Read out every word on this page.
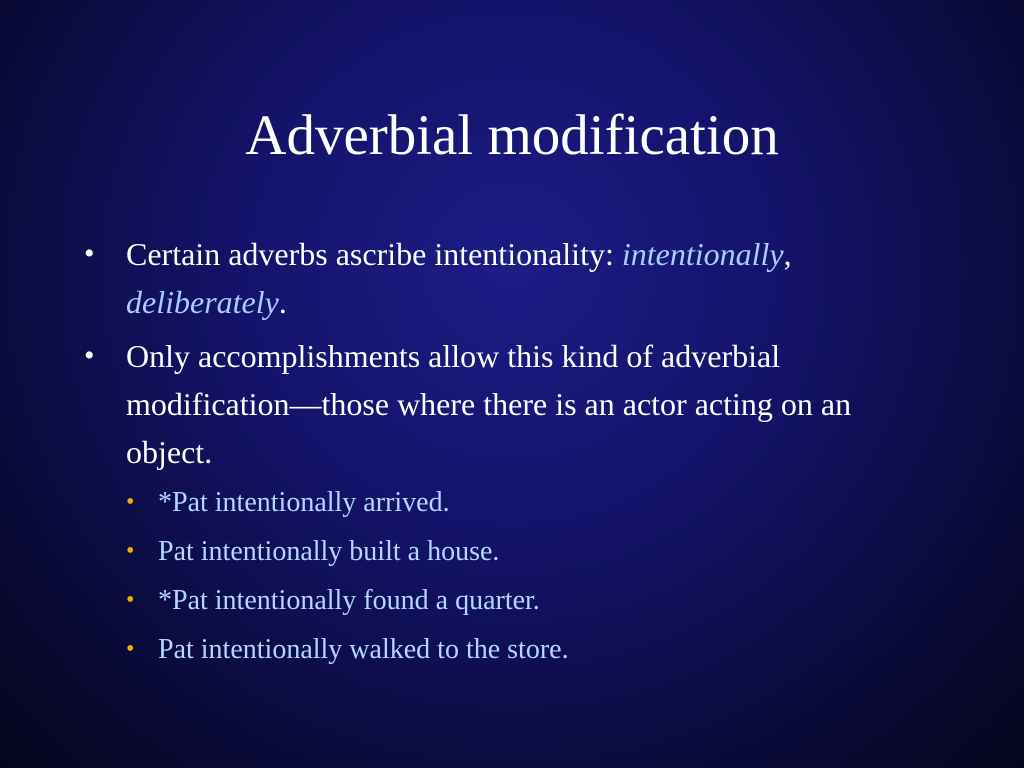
Adverbial modification
• Certain adverbs ascribe intentionality: intentionally, deliberately.
• Only accomplishments allow this kind of adverbial modification—those where there is an actor acting on an object.
• *Pat intentionally arrived.
• Pat intentionally built a house.
• *Pat intentionally found a quarter.
• Pat intentionally walked to the store.
